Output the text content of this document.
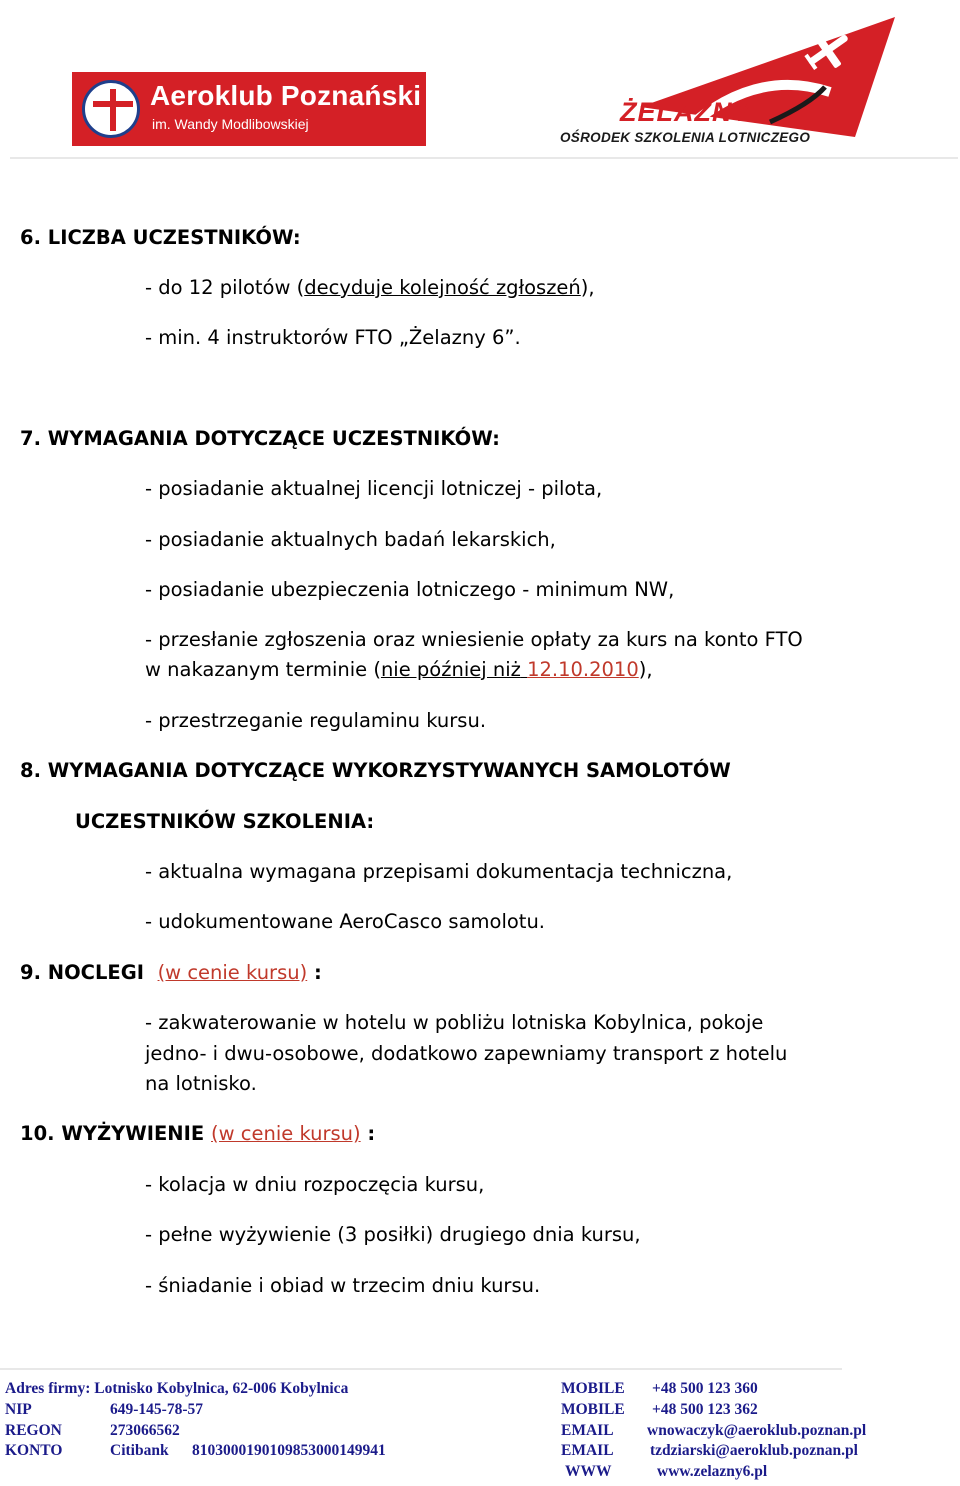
Aeroklub Poznański
im. Wandy Modlibowskiej	ŻELAZNY
OŚRODEK SZKOLENIA LOTNICZEGO
6. LICZBA UCZESTNIKÓW:
- do 12 pilotów (decyduje kolejność zgłoszeń),
- min. 4 instruktorów FTO „Żelazny 6”.
7. WYMAGANIA DOTYCZĄCE UCZESTNIKÓW:
- posiadanie aktualnej licencji lotniczej - pilota,
- posiadanie aktualnych badań lekarskich,
- posiadanie ubezpieczenia lotniczego - minimum NW,
- przesłanie zgłoszenia oraz wniesienie opłaty za kurs na konto FTO
w nakazanym terminie (nie później niż 12.10.2010),
- przestrzeganie regulaminu kursu.
8. WYMAGANIA DOTYCZĄCE WYKORZYSTYWANYCH SAMOLOTÓW
UCZESTNIKÓW SZKOLENIA:
- aktualna wymagana przepisami dokumentacja techniczna,
- udokumentowane AeroCasco samolotu.
9. NOCLEGI (w cenie kursu) :
- zakwaterowanie w hotelu w pobliżu lotniska Kobylnica, pokoje
jedno- i dwu-osobowe, dodatkowo zapewniamy transport z hotelu
na lotnisko.
10. WYŻYWIENIE (w cenie kursu) :
- kolacja w dniu rozpoczęcia kursu,
- pełne wyżywienie (3 posiłki) drugiego dnia kursu,
- śniadanie i obiad w trzecim dniu kursu.
Adres firmy: Lotnisko Kobylnica, 62-006 Kobylnica
NIP	649-145-78-57
REGON	273066562
KONTO	Citibank 8103000190109853000149941
MOBILE +48 500 123 360
MOBILE +48 500 123 362
EMAIL wnowaczyk@aeroklub.poznan.pl
EMAIL tzdziarski@aeroklub.poznan.pl
WWW	www.zelazny6.pl
